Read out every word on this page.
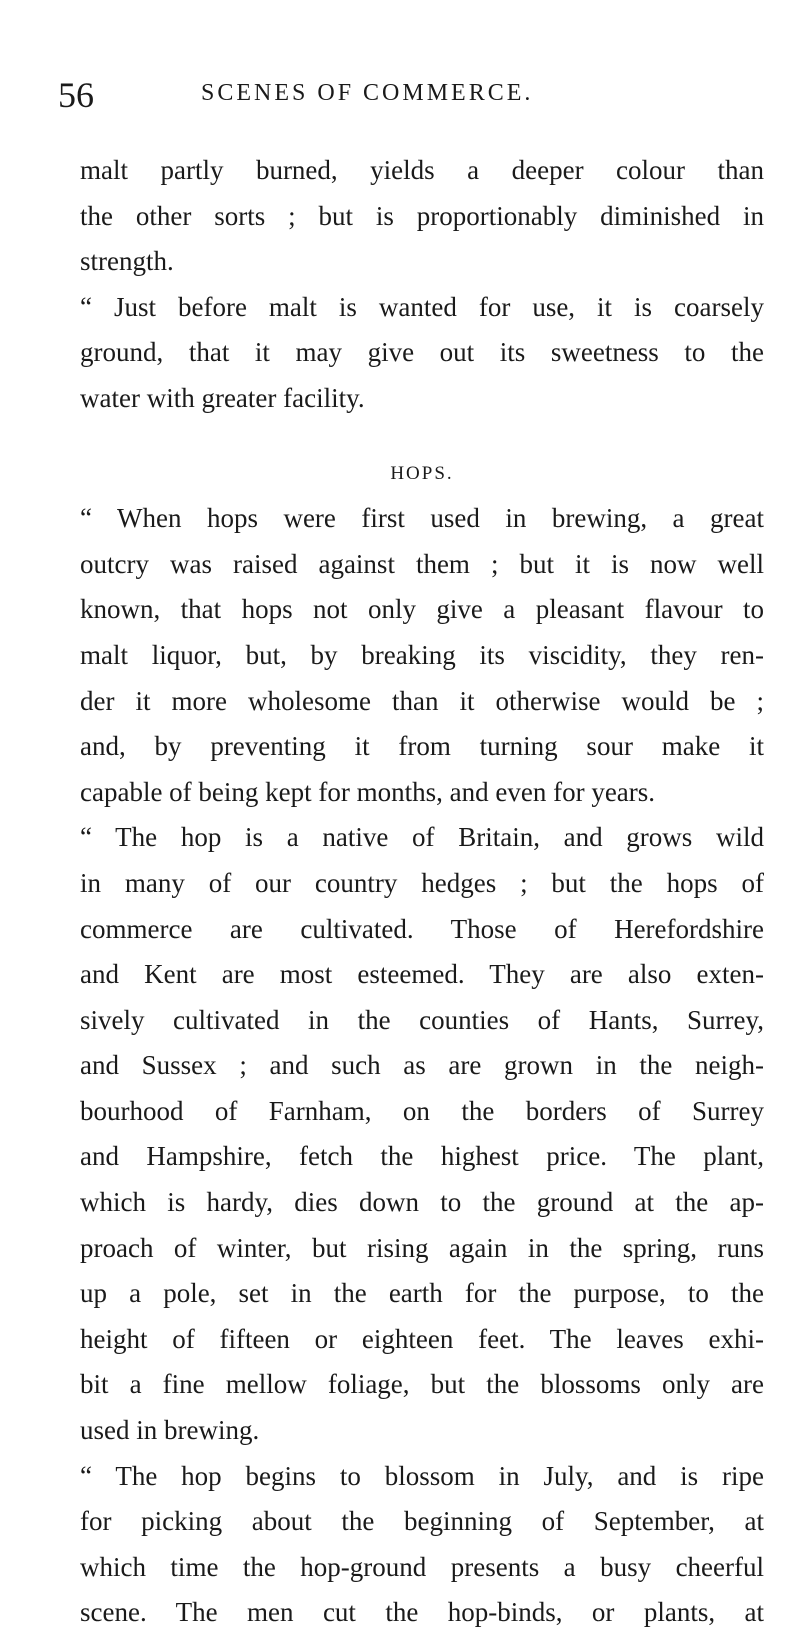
56	SCENES OF COMMERCE.
malt partly burned, yields a deeper colour than
the other sorts ; but is proportionably diminished in
strength.
“ Just before malt is wanted for use, it is coarsely
ground, that it may give out its sweetness to the
water with greater facility.
HOPS.
“ When hops were first used in brewing, a great
outcry was raised against them ; but it is now well
known, that hops not only give a pleasant flavour to
malt liquor, but, by breaking its viscidity, they ren-
der it more wholesome than it otherwise would be ;
and, by preventing it from turning sour make it
capable of being kept for months, and even for years.
“ The hop is a native of Britain, and grows wild
in many of our country hedges ; but the hops of
commerce are cultivated. Those of Herefordshire
and Kent are most esteemed. They are also exten-
sively cultivated in the counties of Hants, Surrey,
and Sussex ; and such as are grown in the neigh-
bourhood of Farnham, on the borders of Surrey
and Hampshire, fetch the highest price. The plant,
which is hardy, dies down to the ground at the ap-
proach of winter, but rising again in the spring, runs
up a pole, set in the earth for the purpose, to the
height of fifteen or eighteen feet. The leaves exhi-
bit a fine mellow foliage, but the blossoms only are
used in brewing.
“ The hop begins to blossom in July, and is ripe
for picking about the beginning of September, at
which time the hop-ground presents a busy cheerful
scene. The men cut the hop-binds, or plants, at
